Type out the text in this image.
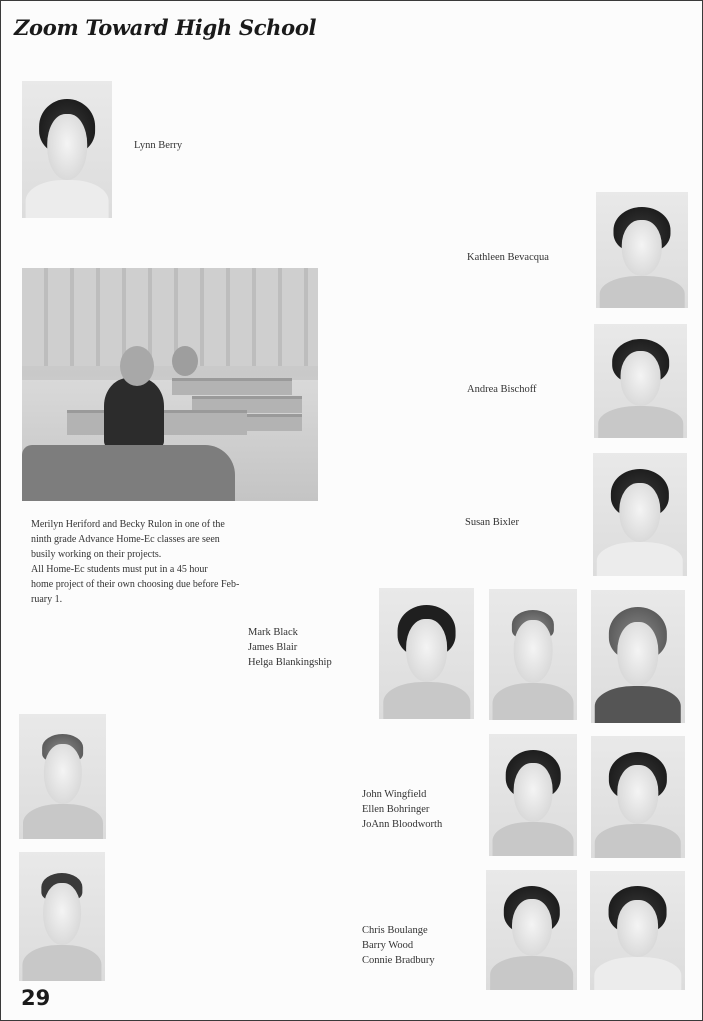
Zoom Toward High School
Lynn Berry
Kathleen Bevacqua
Andrea Bischoff
Susan Bixler
Merilyn Heriford and Becky Rulon in one of the
ninth grade Advance Home-Ec classes are seen
busily working on their projects.
All Home-Ec students must put in a 45 hour
home project of their own choosing due before Feb-
ruary 1.
Mark Black
James Blair
Helga Blankingship
John Wingfield
Ellen Bohringer
JoAnn Bloodworth
Chris Boulange
Barry Wood
Connie Bradbury
29
